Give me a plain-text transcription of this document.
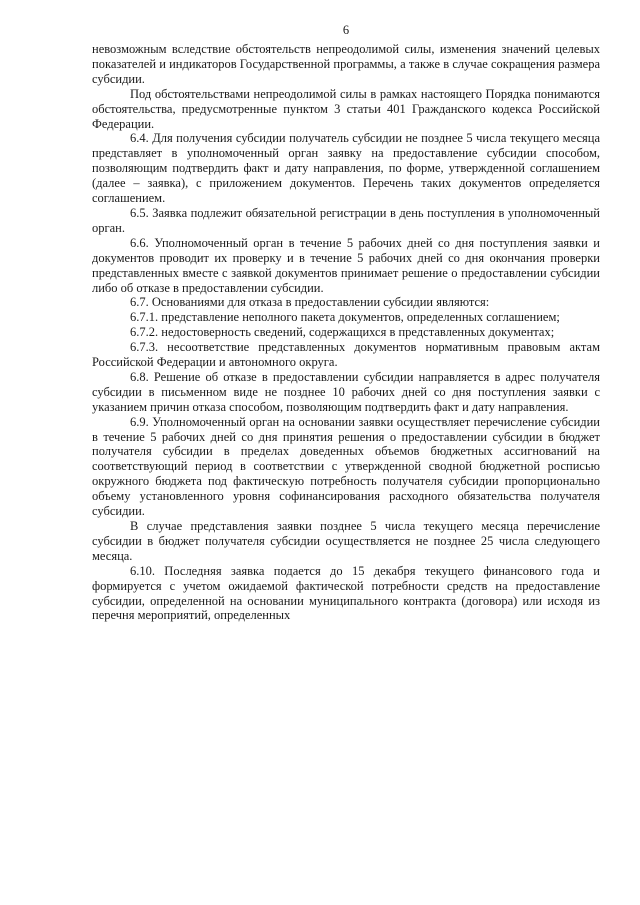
6

невозможным вследствие обстоятельств непреодолимой силы, изменения значений целевых показателей и индикаторов Государственной программы, а также в случае сокращения размера субсидии.

Под обстоятельствами непреодолимой силы в рамках настоящего Порядка понимаются обстоятельства, предусмотренные пунктом 3 статьи 401 Гражданского кодекса Российской Федерации.

6.4. Для получения субсидии получатель субсидии не позднее 5 числа текущего месяца представляет в уполномоченный орган заявку на предоставление субсидии способом, позволяющим подтвердить факт и дату направления, по форме, утвержденной соглашением (далее – заявка), с приложением документов. Перечень таких документов определяется соглашением.

6.5. Заявка подлежит обязательной регистрации в день поступления в уполномоченный орган.

6.6. Уполномоченный орган в течение 5 рабочих дней со дня поступления заявки и документов проводит их проверку и в течение 5 рабочих дней со дня окончания проверки представленных вместе с заявкой документов принимает решение о предоставлении субсидии либо об отказе в предоставлении субсидии.

6.7. Основаниями для отказа в предоставлении субсидии являются:

6.7.1. представление неполного пакета документов, определенных соглашением;

6.7.2. недостоверность сведений, содержащихся в представленных документах;

6.7.3. несоответствие представленных документов нормативным правовым актам Российской Федерации и автономного округа.

6.8. Решение об отказе в предоставлении субсидии направляется в адрес получателя субсидии в письменном виде не позднее 10 рабочих дней со дня поступления заявки с указанием причин отказа способом, позволяющим подтвердить факт и дату направления.

6.9. Уполномоченный орган на основании заявки осуществляет перечисление субсидии в течение 5 рабочих дней со дня принятия решения о предоставлении субсидии в бюджет получателя субсидии в пределах доведенных объемов бюджетных ассигнований на соответствующий период в соответствии с утвержденной сводной бюджетной росписью окружного бюджета под фактическую потребность получателя субсидии пропорционально объему установленного уровня софинансирования расходного обязательства получателя субсидии.

В случае представления заявки позднее 5 числа текущего месяца перечисление субсидии в бюджет получателя субсидии осуществляется не позднее 25 числа следующего месяца.

6.10. Последняя заявка подается до 15 декабря текущего финансового года и формируется с учетом ожидаемой фактической потребности средств на предоставление субсидии, определенной на основании муниципального контракта (договора) или исходя из перечня мероприятий, определенных
